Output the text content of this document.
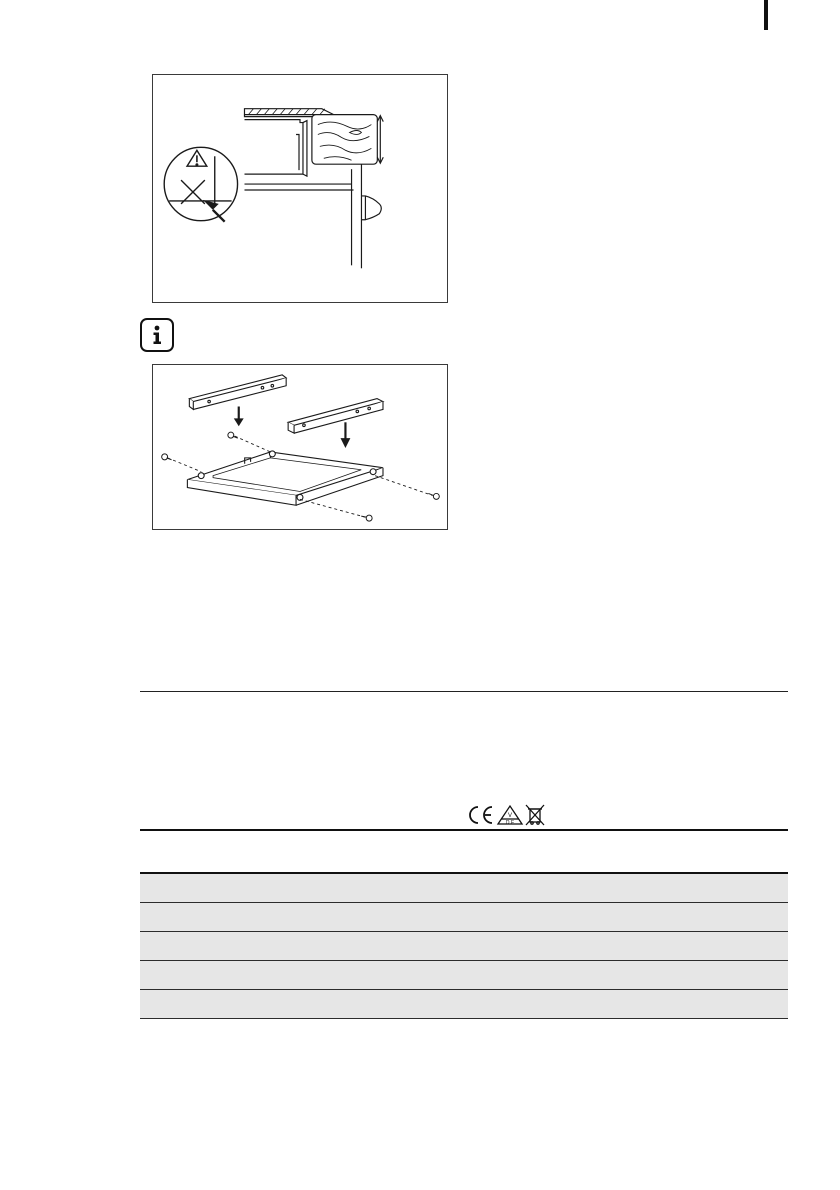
V
D E
